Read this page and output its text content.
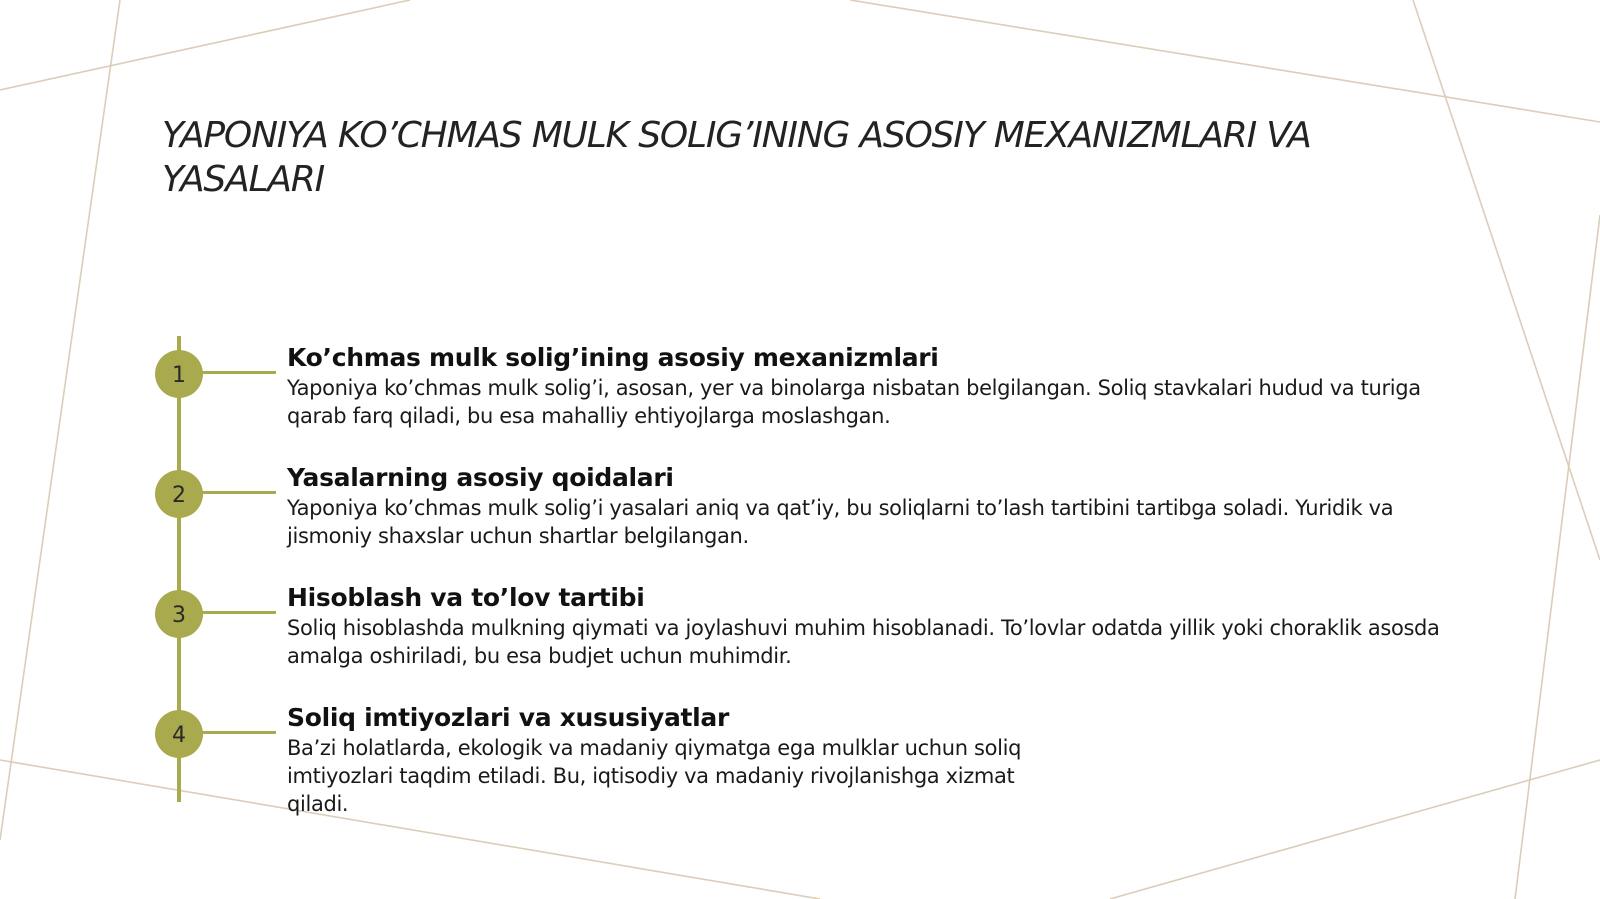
YAPONIYA KO’CHMAS MULK SOLIG’INING ASOSIY MEXANIZMLARI VA YASALARI
1
Ko’chmas mulk solig’ining asosiy mexanizmlari
Yaponiya ko’chmas mulk solig’i, asosan, yer va binolarga nisbatan belgilangan. Soliq stavkalari hudud va turiga qarab farq qiladi, bu esa mahalliy ehtiyojlarga moslashgan.
2
Yasalarning asosiy qoidalari
Yaponiya ko’chmas mulk solig’i yasalari aniq va qat’iy, bu soliqlarni to’lash tartibini tartibga soladi. Yuridik va jismoniy shaxslar uchun shartlar belgilangan.
3
Hisoblash va to’lov tartibi
Soliq hisoblashda mulkning qiymati va joylashuvi muhim hisoblanadi. To’lovlar odatda yillik yoki choraklik asosda amalga oshiriladi, bu esa budjet uchun muhimdir.
4
Soliq imtiyozlari va xususiyatlar
Ba’zi holatlarda, ekologik va madaniy qiymatga ega mulklar uchun soliq imtiyozlari taqdim etiladi. Bu, iqtisodiy va madaniy rivojlanishga xizmat qiladi.
